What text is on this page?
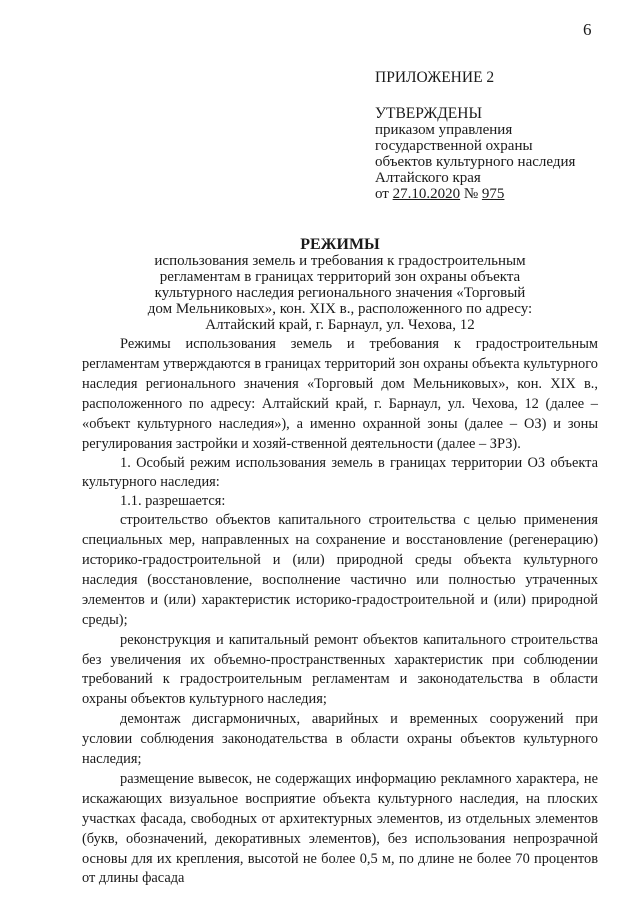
6
ПРИЛОЖЕНИЕ 2
УТВЕРЖДЕНЫ
приказом управления
государственной охраны
объектов культурного наследия
Алтайского края
от 27.10.2020 № 975
РЕЖИМЫ
использования земель и требования к градостроительным
регламентам в границах территорий зон охраны объекта
культурного наследия регионального значения «Торговый
дом Мельниковых», кон. XIX в., расположенного по адресу:
Алтайский край, г. Барнаул, ул. Чехова, 12

Режимы использования земель и требования к градостроительным регламентам утверждаются в границах территорий зон охраны объекта культурного наследия регионального значения «Торговый дом Мельниковых», кон. XIX в., расположенного по адресу: Алтайский край, г. Барнаул, ул. Чехова, 12 (далее – «объект культурного наследия»), а именно охранной зоны (далее – ОЗ) и зоны регулирования застройки и хозяй-ственной деятельности (далее – ЗРЗ).

1. Особый режим использования земель в границах территории ОЗ объекта культурного наследия:

1.1. разрешается:

строительство объектов капитального строительства с целью применения специальных мер, направленных на сохранение и восстановление (регенерацию) историко-градостроительной и (или) природной среды объекта культурного наследия (восстановление, восполнение частично или полностью утраченных элементов и (или) характеристик историко-градостроительной и (или) природной среды);

реконструкция и капитальный ремонт объектов капитального строительства без увеличения их объемно-пространственных характеристик при соблюдении требований к градостроительным регламентам и законодательства в области охраны объектов культурного наследия;

демонтаж дисгармоничных, аварийных и временных сооружений при условии соблюдения законодательства в области охраны объектов культурного наследия;

размещение вывесок, не содержащих информацию рекламного характера, не искажающих визуальное восприятие объекта культурного наследия, на плоских участках фасада, свободных от архитектурных элементов, из отдельных элементов (букв, обозначений, декоративных элементов), без использования непрозрачной основы для их крепления, высотой не более 0,5 м, по длине не более 70 процентов от длины фасада
